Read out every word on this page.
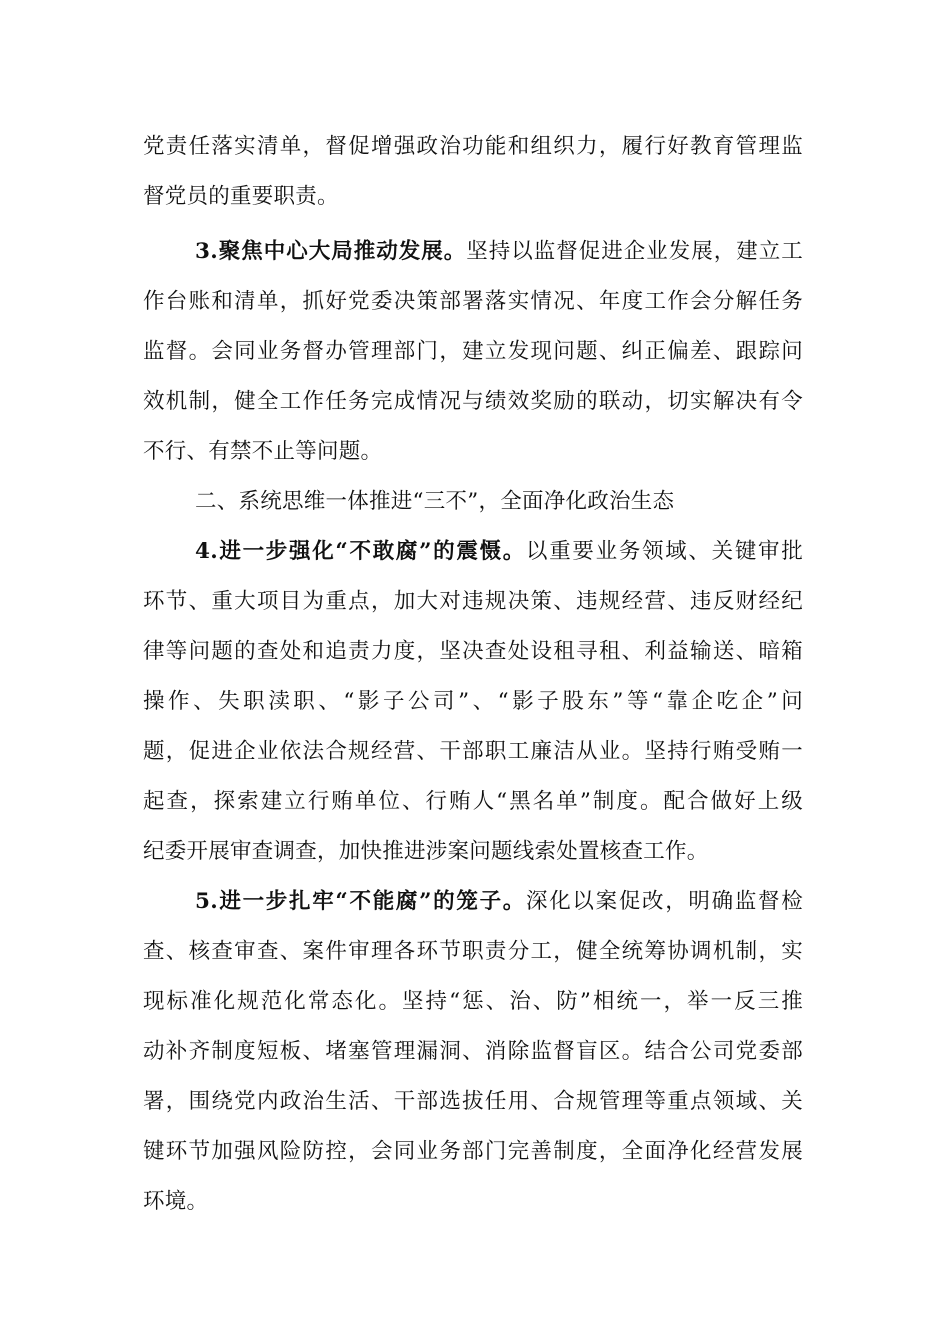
党责任落实清单，督促增强政治功能和组织力，履行好教育管理监
督党员的重要职责。
3.聚焦中心大局推动发展。坚持以监督促进企业发展，建立工
作台账和清单，抓好党委决策部署落实情况、年度工作会分解任务
监督。会同业务督办管理部门，建立发现问题、纠正偏差、跟踪问
效机制，健全工作任务完成情况与绩效奖励的联动，切实解决有令
不行、有禁不止等问题。
二、系统思维一体推进“三不”，全面净化政治生态
4.进一步强化“不敢腐”的震慑。以重要业务领域、关键审批
环节、重大项目为重点，加大对违规决策、违规经营、违反财经纪
律等问题的查处和追责力度，坚决查处设租寻租、利益输送、暗箱
操作、失职渎职、“影子公司”、“影子股东”等“靠企吃企”问
题，促进企业依法合规经营、干部职工廉洁从业。坚持行贿受贿一
起查，探索建立行贿单位、行贿人“黑名单”制度。配合做好上级
纪委开展审查调查，加快推进涉案问题线索处置核查工作。
5.进一步扎牢“不能腐”的笼子。深化以案促改，明确监督检
查、核查审查、案件审理各环节职责分工，健全统筹协调机制，实
现标准化规范化常态化。坚持“惩、治、防”相统一，举一反三推
动补齐制度短板、堵塞管理漏洞、消除监督盲区。结合公司党委部
署，围绕党内政治生活、干部选拔任用、合规管理等重点领域、关
键环节加强风险防控，会同业务部门完善制度，全面净化经营发展
环境。
